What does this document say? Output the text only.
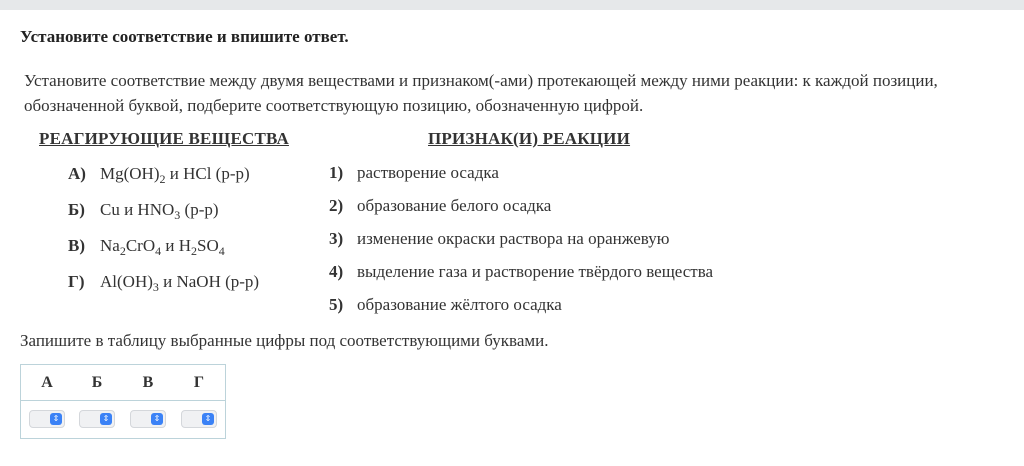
Установите соответствие и впишите ответ.
Установите соответствие между двумя веществами и признаком(-ами) протекающей между ними реакции: к каждой позиции, обозначенной буквой, подберите соответствующую позицию, обозначенную цифрой.
РЕАГИРУЮЩИЕ ВЕЩЕСТВА	ПРИЗНАК(И) РЕАКЦИИ
А) $Mg(OH)_2$ и HCl (р-р)
Б) Cu и $HNO_3$ (р-р)
В) $Na_2CrO_4$ и $H_2SO_4$
Г) $Al(OH)_3$ и NaOH (р-р)
1) растворение осадка
2) образование белого осадка
3) изменение окраски раствора на оранжевую
4) выделение газа и растворение твёрдого вещества
5) образование жёлтого осадка
Запишите в таблицу выбранные цифры под соответствующими буквами.
А	Б	В	Г
⇕	⇕	⇕	⇕
